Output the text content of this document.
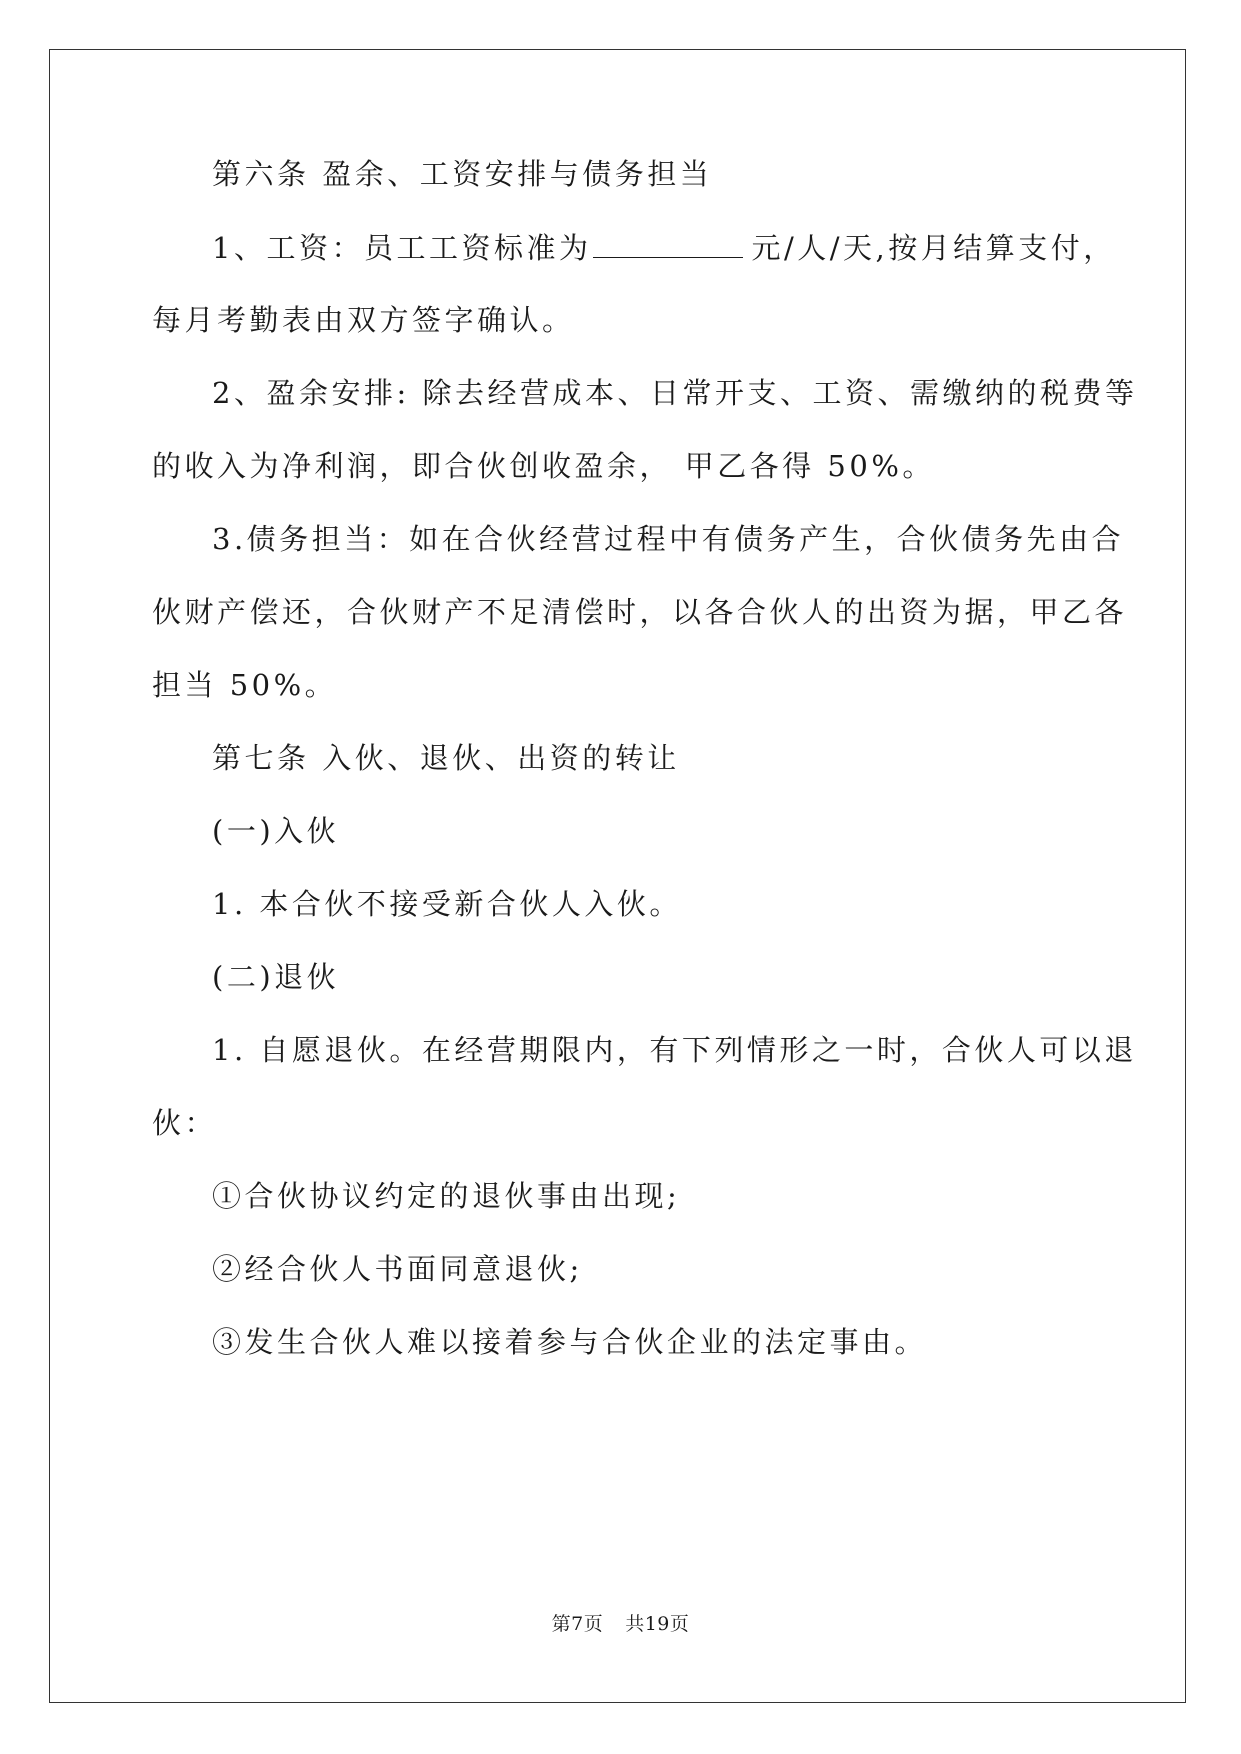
第六条 盈余、工资安排与债务担当
1、工资：员工工资标准为	元/人/天,按月结算支付，
每月考勤表由双方签字确认。
2、盈余安排: 除去经营成本、日常开支、工资、需缴纳的税费等
的收入为净利润，即合伙创收盈余， 甲乙各得 50%。
3.债务担当：如在合伙经营过程中有债务产生，合伙债务先由合
伙财产偿还，合伙财产不足清偿时，以各合伙人的出资为据，甲乙各
担当 50%。
第七条 入伙、退伙、出资的转让
(一)入伙
1. 本合伙不接受新合伙人入伙。
(二)退伙
1. 自愿退伙。在经营期限内，有下列情形之一时，合伙人可以退
伙：
①合伙协议约定的退伙事由出现;
②经合伙人书面同意退伙;
③发生合伙人难以接着参与合伙企业的法定事由。
第7页 共19页
